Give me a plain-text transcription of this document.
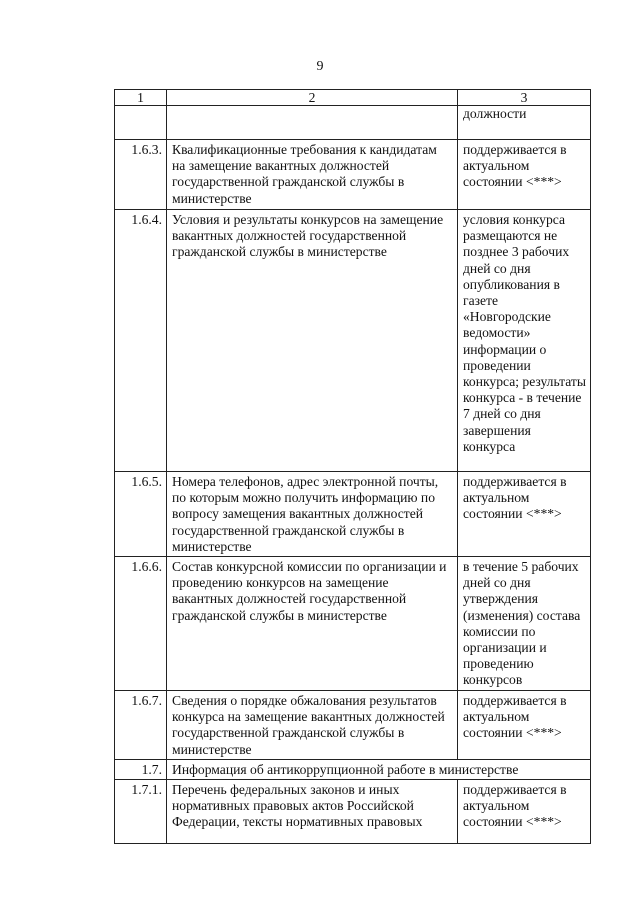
9
1	2	3
		должности
1.6.3.	Квалификационные требования к кандидатам на замещение вакантных должностей государственной гражданской службы в министерстве	поддерживается в актуальном состоянии <***>
1.6.4.	Условия и результаты конкурсов на замещение вакантных должностей государственной гражданской службы в министерстве	условия конкурса размещаются не позднее 3 рабочих дней со дня опубликования в газете «Новгородские ведомости» информации о проведении конкурса; результаты конкурса - в течение 7 дней со дня завершения конкурса
1.6.5.	Номера телефонов, адрес электронной почты, по которым можно получить информацию по вопросу замещения вакантных должностей государственной гражданской службы в министерстве	поддерживается в актуальном состоянии <***>
1.6.6.	Состав конкурсной комиссии по организации и проведению конкурсов на замещение вакантных должностей государственной гражданской службы в министерстве	в течение 5 рабочих дней со дня утверждения (изменения) состава комиссии по организации и проведению конкурсов
1.6.7.	Сведения о порядке обжалования результатов конкурса на замещение вакантных должностей государственной гражданской службы в министерстве	поддерживается в актуальном состоянии <***>
1.7.	Информация об антикоррупционной работе в министерстве	
1.7.1.	Перечень федеральных законов и иных нормативных правовых актов Российской Федерации, тексты нормативных правовых	поддерживается в актуальном состоянии <***>
